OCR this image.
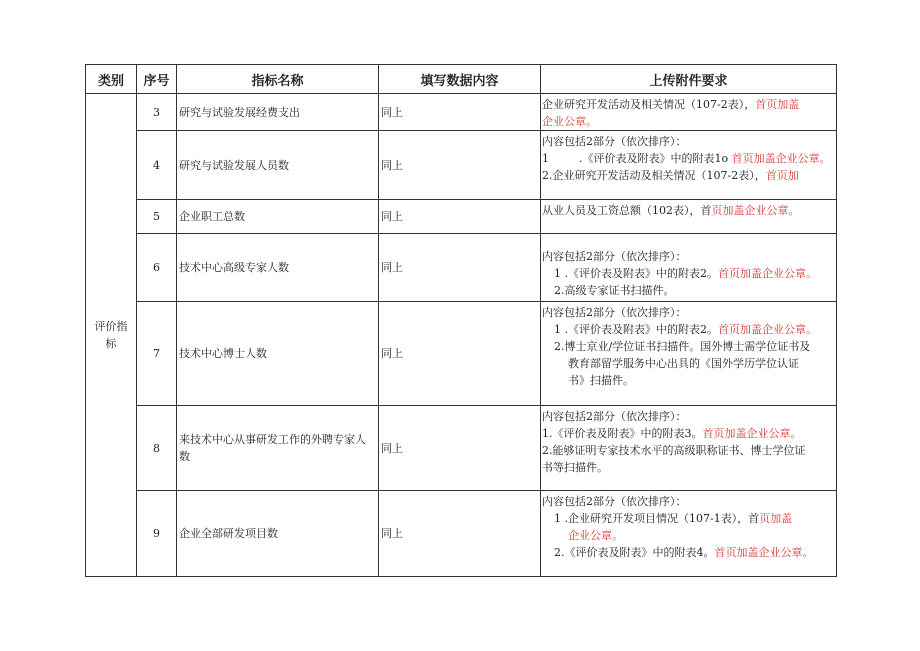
类别	序号	指标名称	填写数据内容	上传附件要求
评价指标	3	研究与试验发展经费支出	同上	企业研究开发活动及相关情况（107-2表），首页加盖
企业公章。

	4	研究与试验发展人员数	同上	内容包括2部分（依次排序）：
1 .《评价表及附表》中的附表1o 首页加盖企业公章。
2.企业研究开发活动及相关情况（107-2表），首页加

	5	企业职工总数	同上	从业人员及工资总额（102表），首页加盖企业公章。

	6	技术中心高级专家人数	同上	内容包括2部分（依次排序）：
1 .《评价表及附表》中的附表2。首页加盖企业公章。
2.高级专家证书扫描件。

	7	技术中心博士人数	同上	内容包括2部分（依次排序）：
1 .《评价表及附表》中的附表2。首页加盖企业公章。
2.博士京业/学位证书扫描件。国外博士需学位证书及
教育部留学服务中心出具的《国外学历学位认证
书》扫描件。

	8	来技术中心从事研发工作的外聘专家人数	同上	内容包括2部分（依次排序）：
1.《评价表及附表》中的附表3。首页加盖企业公章。
2.能够证明专家技术水平的高级职称证书、博士学位证
书等扫描件。

	9	企业全部研发项目数	同上	内容包括2部分（依次排序）：
1 .企业研究开发项目情况（107-1表），首页加盖
企业公章。
2.《评价表及附表》中的附表4。首页加盖企业公章。
